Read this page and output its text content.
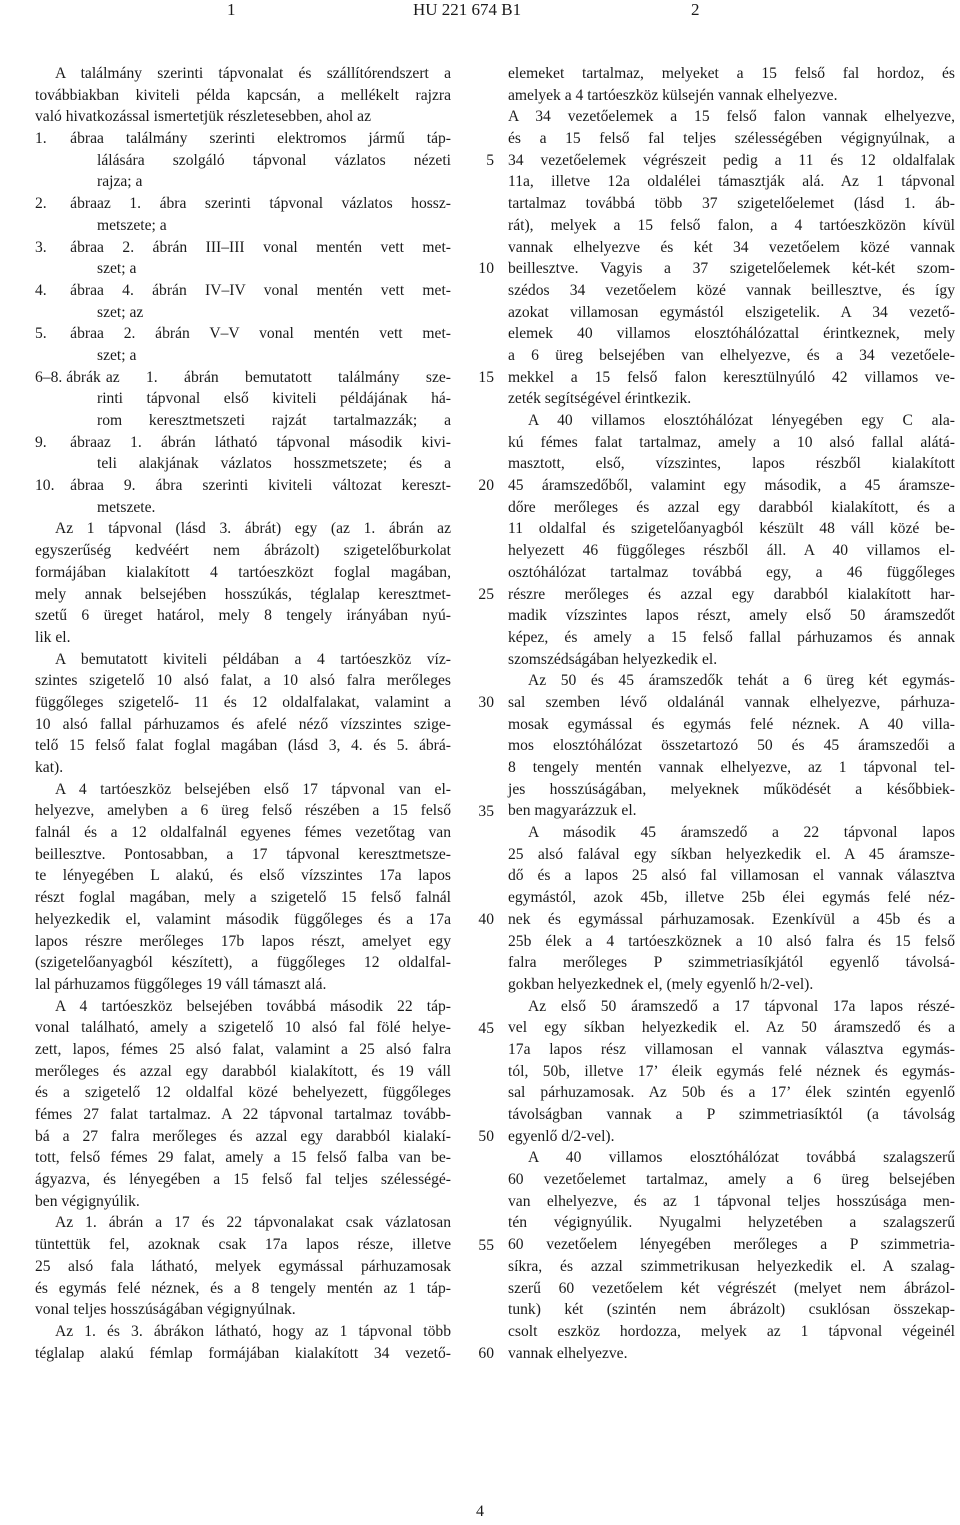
1	HU 221 674 B1	2
A találmány szerinti tápvonalat és szállítórendszert a
továbbiakban kiviteli példa kapcsán, a mellékelt rajzra
való hivatkozással ismertetjük részletesebben, ahol az
1. ábraa találmány szerinti elektromos jármű táp-
lálására szolgáló tápvonal vázlatos nézeti
rajza; a
2. ábraaz 1. ábra szerinti tápvonal vázlatos hossz-
metszete; a
3. ábraa 2. ábrán III–III vonal mentén vett met-
szet; a
4. ábraa 4. ábrán IV–IV vonal mentén vett met-
szet; az
5. ábraa 2. ábrán V–V vonal mentén vett met-
szet; a
6–8. ábrák az 1. ábrán bemutatott találmány sze-
rinti tápvonal első kiviteli példájának há-
rom keresztmetszeti rajzát tartalmazzák; a
9. ábraaz 1. ábrán látható tápvonal második kivi-
teli alakjának vázlatos hosszmetszete; és a
10. ábraa 9. ábra szerinti kiviteli változat kereszt-
metszete.
Az 1 tápvonal (lásd 3. ábrát) egy (az 1. ábrán az
egyszerűség kedvéért nem ábrázolt) szigetelőburkolat
formájában kialakított 4 tartóeszközt foglal magában,
mely annak belsejében hosszúkás, téglalap keresztmet-
szetű 6 üreget határol, mely 8 tengely irányában nyú-
lik el.
A bemutatott kiviteli példában a 4 tartóeszköz víz-
szintes szigetelő 10 alsó falat, a 10 alsó falra merőleges
függőleges szigetelő- 11 és 12 oldalfalakat, valamint a
10 alsó fallal párhuzamos és afelé néző vízszintes szige-
telő 15 felső falat foglal magában (lásd 3, 4. és 5. ábrá-
kat).
A 4 tartóeszköz belsejében első 17 tápvonal van el-
helyezve, amelyben a 6 üreg felső részében a 15 felső
falnál és a 12 oldalfalnál egyenes fémes vezetőtag van
beillesztve. Pontosabban, a 17 tápvonal keresztmetsze-
te lényegében L alakú, és első vízszintes 17a lapos
részt foglal magában, mely a szigetelő 15 felső falnál
helyezkedik el, valamint második függőleges és a 17a
lapos részre merőleges 17b lapos részt, amelyet egy
(szigetelőanyagból készített), a függőleges 12 oldalfal-
lal párhuzamos függőleges 19 váll támaszt alá.
A 4 tartóeszköz belsejében továbbá második 22 táp-
vonal található, amely a szigetelő 10 alsó fal fölé helye-
zett, lapos, fémes 25 alsó falat, valamint a 25 alsó falra
merőleges és azzal egy darabból kialakított, és 19 váll
és a szigetelő 12 oldalfal közé behelyezett, függőleges
fémes 27 falat tartalmaz. A 22 tápvonal tartalmaz tovább-
bá a 27 falra merőleges és azzal egy darabból kialakí-
tott, felső fémes 29 falat, amely a 15 felső falba van be-
ágyazva, és lényegében a 15 felső fal teljes szélességé-
ben végignyúlik.
Az 1. ábrán a 17 és 22 tápvonalakat csak vázlatosan
tüntettük fel, azoknak csak 17a lapos része, illetve
25 alsó fala látható, melyek egymással párhuzamosak
és egymás felé néznek, és a 8 tengely mentén az 1 táp-
vonal teljes hosszúságában végignyúlnak.
Az 1. és 3. ábrákon látható, hogy az 1 tápvonal több
téglalap alakú fémlap formájában kialakított 34 vezető-
5
10
15
20
25
30
35
40
45
50
55
60
elemeket tartalmaz, melyeket a 15 felső fal hordoz, és
amelyek a 4 tartóeszköz külsején vannak elhelyezve.
A 34 vezetőelemek a 15 felső falon vannak elhelyezve,
és a 15 felső fal teljes szélességében végignyúlnak, a
34 vezetőelemek végrészeit pedig a 11 és 12 oldalfalak
11a, illetve 12a oldalélei támasztják alá. Az 1 tápvonal
tartalmaz továbbá több 37 szigetelőelemet (lásd 1. áb-
rát), melyek a 15 felső falon, a 4 tartóeszközön kívül
vannak elhelyezve és két 34 vezetőelem közé vannak
beillesztve. Vagyis a 37 szigetelőelemek két-két szom-
szédos 34 vezetőelem közé vannak beillesztve, és így
azokat villamosan egymástól elszigetelik. A 34 vezető-
elemek 40 villamos elosztóhálózattal érintkeznek, mely
a 6 üreg belsejében van elhelyezve, és a 34 vezetőele-
mekkel a 15 felső falon keresztülnyúló 42 villamos ve-
zeték segítségével érintkezik.
A 40 villamos elosztóhálózat lényegében egy C ala-
kú fémes falat tartalmaz, amely a 10 alsó fallal alátá-
masztott, első, vízszintes, lapos részből kialakított
45 áramszedőből, valamint egy második, a 45 áramsze-
dőre merőleges és azzal egy darabból kialakított, és a
11 oldalfal és szigetelőanyagból készült 48 váll közé be-
helyezett 46 függőleges részből áll. A 40 villamos el-
osztóhálózat tartalmaz továbbá egy, a 46 függőleges
részre merőleges és azzal egy darabból kialakított har-
madik vízszintes lapos részt, amely első 50 áramszedőt
képez, és amely a 15 felső fallal párhuzamos és annak
szomszédságában helyezkedik el.
Az 50 és 45 áramszedők tehát a 6 üreg két egymás-
sal szemben lévő oldalánál vannak elhelyezve, párhuza-
mosak egymással és egymás felé néznek. A 40 villa-
mos elosztóhálózat összetartozó 50 és 45 áramszedői a
8 tengely mentén vannak elhelyezve, az 1 tápvonal tel-
jes hosszúságában, melyeknek működését a későbbiek-
ben magyarázzuk el.
A második 45 áramszedő a 22 tápvonal lapos
25 alsó falával egy síkban helyezkedik el. A 45 áramsze-
dő és a lapos 25 alsó fal villamosan el vannak választva
egymástól, azok 45b, illetve 25b élei egymás felé néz-
nek és egymással párhuzamosak. Ezenkívül a 45b és a
25b élek a 4 tartóeszköznek a 10 alsó falra és 15 felső
falra merőleges P szimmetriasíkjától egyenlő távolsá-
gokban helyezkednek el, (mely egyenlő h/2-vel).
Az első 50 áramszedő a 17 tápvonal 17a lapos részé-
vel egy síkban helyezkedik el. Az 50 áramszedő és a
17a lapos rész villamosan el vannak választva egymás-
tól, 50b, illetve 17’ éleik egymás felé néznek és egymás-
sal párhuzamosak. Az 50b és a 17’ élek szintén egyenlő
távolságban vannak a P szimmetriasíktól (a távolság
egyenlő d/2-vel).
A 40 villamos elosztóhálózat továbbá szalagszerű
60 vezetőelemet tartalmaz, amely a 6 üreg belsejében
van elhelyezve, és az 1 tápvonal teljes hosszúsága men-
tén végignyúlik. Nyugalmi helyzetében a szalagszerű
60 vezetőelem lényegében merőleges a P szimmetria-
síkra, és azzal szimmetrikusan helyezkedik el. A szalag-
szerű 60 vezetőelem két végrészét (melyet nem ábrázol-
tunk) két (szintén nem ábrázolt) csuklósan összekap-
csolt eszköz hordozza, melyek az 1 tápvonal végeinél
vannak elhelyezve.
4
